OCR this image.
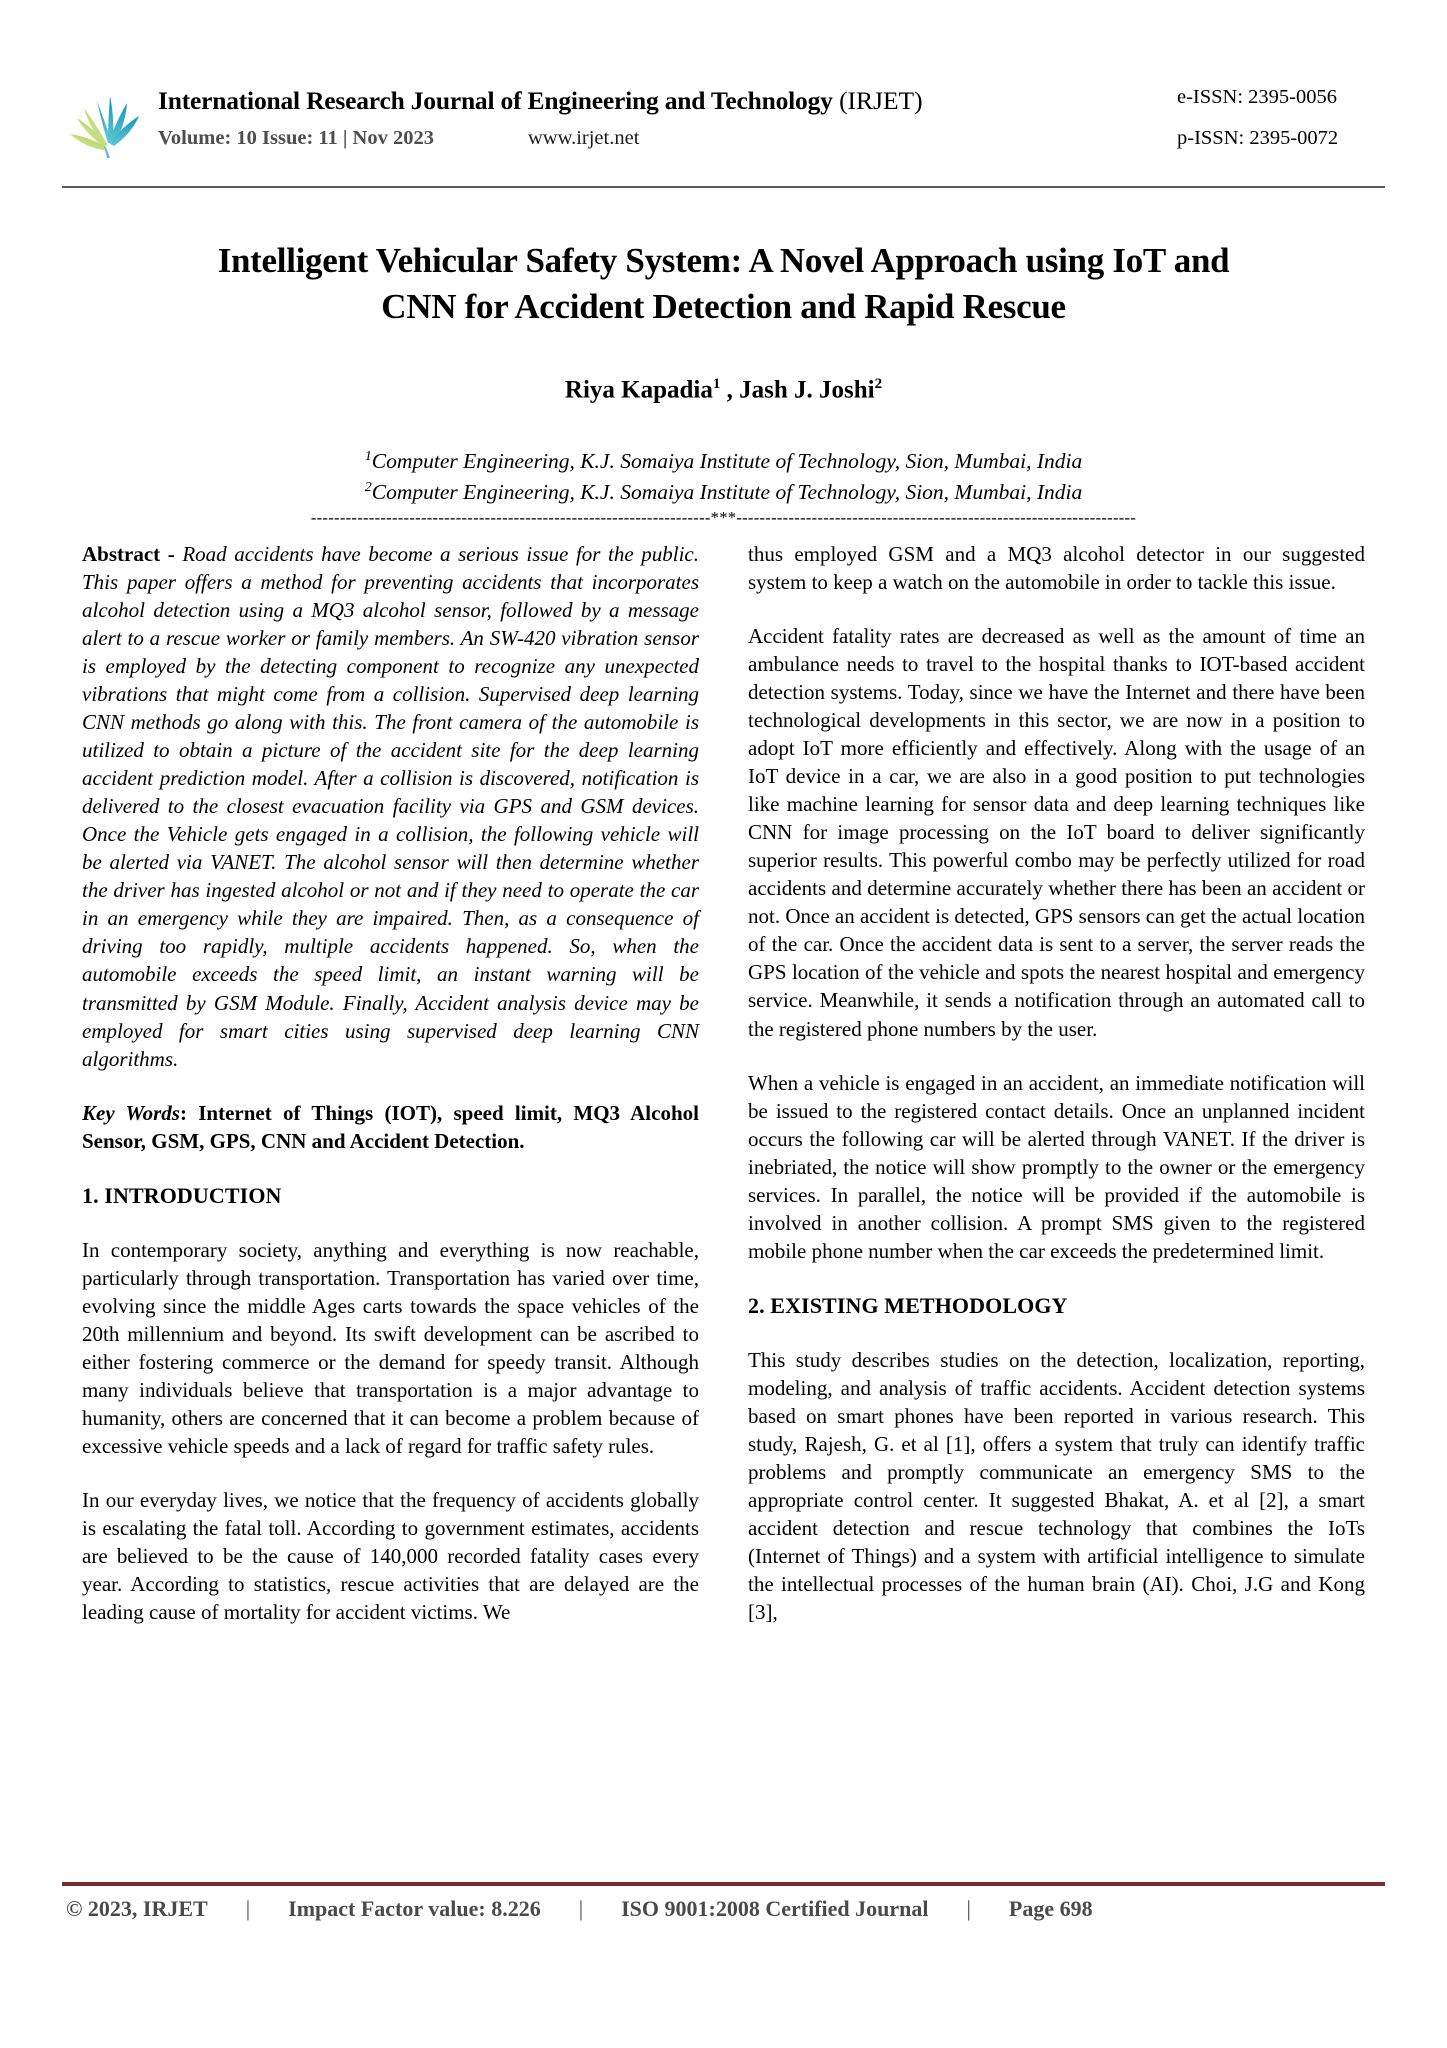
International Research Journal of Engineering and Technology (IRJET)
Volume: 10 Issue: 11 | Nov 2023	www.irjet.net
e-ISSN: 2395-0056
p-ISSN: 2395-0072
Intelligent Vehicular Safety System: A Novel Approach using IoT and
CNN for Accident Detection and Rapid Rescue
Riya Kapadia$^1$ , Jash J. Joshi$^2$
$^1$Computer Engineering, K.J. Somaiya Institute of Technology, Sion, Mumbai, India
$^2$Computer Engineering, K.J. Somaiya Institute of Technology, Sion, Mumbai, India
---------------------------------------------------------------------***---------------------------------------------------------------------

Abstract - Road accidents have become a serious issue for the public. This paper offers a method for preventing accidents that incorporates alcohol detection using a MQ3 alcohol sensor, followed by a message alert to a rescue worker or family members. An SW-420 vibration sensor is employed by the detecting component to recognize any unexpected vibrations that might come from a collision. Supervised deep learning CNN methods go along with this. The front camera of the automobile is utilized to obtain a picture of the accident site for the deep learning accident prediction model. After a collision is discovered, notification is delivered to the closest evacuation facility via GPS and GSM devices. Once the Vehicle gets engaged in a collision, the following vehicle will be alerted via VANET. The alcohol sensor will then determine whether the driver has ingested alcohol or not and if they need to operate the car in an emergency while they are impaired. Then, as a consequence of driving too rapidly, multiple accidents happened. So, when the automobile exceeds the speed limit, an instant warning will be transmitted by GSM Module. Finally, Accident analysis device may be employed for smart cities using supervised deep learning CNN algorithms.

Key Words: Internet of Things (IOT), speed limit, MQ3 Alcohol Sensor, GSM, GPS, CNN and Accident Detection.

1. INTRODUCTION

In contemporary society, anything and everything is now reachable, particularly through transportation. Transportation has varied over time, evolving since the middle Ages carts towards the space vehicles of the 20th millennium and beyond. Its swift development can be ascribed to either fostering commerce or the demand for speedy transit. Although many individuals believe that transportation is a major advantage to humanity, others are concerned that it can become a problem because of excessive vehicle speeds and a lack of regard for traffic safety rules.

In our everyday lives, we notice that the frequency of accidents globally is escalating the fatal toll. According to government estimates, accidents are believed to be the cause of 140,000 recorded fatality cases every year. According to statistics, rescue activities that are delayed are the leading cause of mortality for accident victims. We

thus employed GSM and a MQ3 alcohol detector in our suggested system to keep a watch on the automobile in order to tackle this issue.

Accident fatality rates are decreased as well as the amount of time an ambulance needs to travel to the hospital thanks to IOT-based accident detection systems. Today, since we have the Internet and there have been technological developments in this sector, we are now in a position to adopt IoT more efficiently and effectively. Along with the usage of an IoT device in a car, we are also in a good position to put technologies like machine learning for sensor data and deep learning techniques like CNN for image processing on the IoT board to deliver significantly superior results. This powerful combo may be perfectly utilized for road accidents and determine accurately whether there has been an accident or not. Once an accident is detected, GPS sensors can get the actual location of the car. Once the accident data is sent to a server, the server reads the GPS location of the vehicle and spots the nearest hospital and emergency service. Meanwhile, it sends a notification through an automated call to the registered phone numbers by the user.

When a vehicle is engaged in an accident, an immediate notification will be issued to the registered contact details. Once an unplanned incident occurs the following car will be alerted through VANET. If the driver is inebriated, the notice will show promptly to the owner or the emergency services. In parallel, the notice will be provided if the automobile is involved in another collision. A prompt SMS given to the registered mobile phone number when the car exceeds the predetermined limit.

2. EXISTING METHODOLOGY

This study describes studies on the detection, localization, reporting, modeling, and analysis of traffic accidents. Accident detection systems based on smart phones have been reported in various research. This study, Rajesh, G. et al [1], offers a system that truly can identify traffic problems and promptly communicate an emergency SMS to the appropriate control center. It suggested Bhakat, A. et al [2], a smart accident detection and rescue technology that combines the IoTs (Internet of Things) and a system with artificial intelligence to simulate the intellectual processes of the human brain (AI). Choi, J.G and Kong [3],

© 2023, IRJET | Impact Factor value: 8.226 | ISO 9001:2008 Certified Journal | Page 698
